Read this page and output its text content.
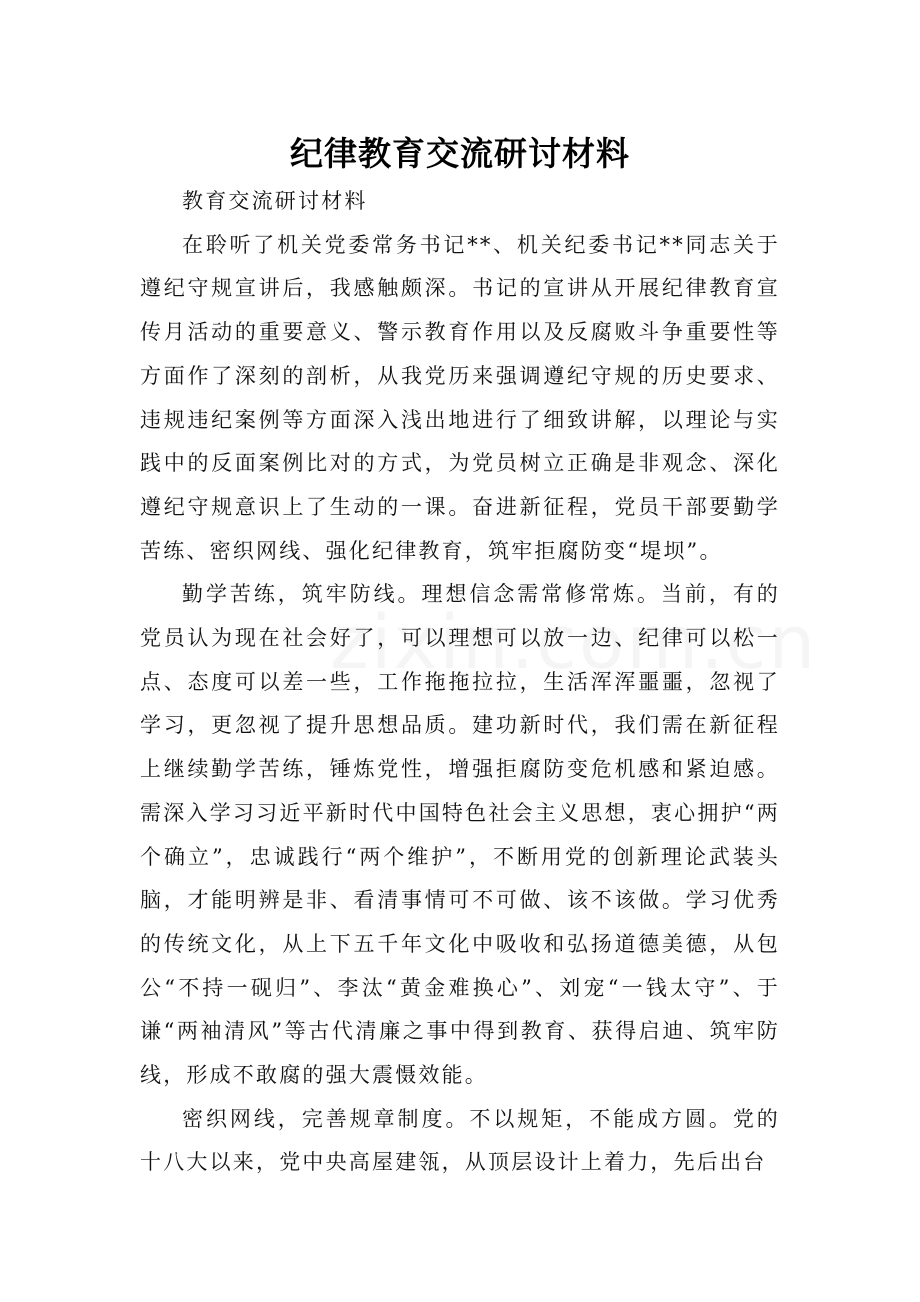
纪律教育交流研讨材料

教育交流研讨材料

在聆听了机关党委常务书记**、机关纪委书记**同志关于遵纪守规宣讲后，我感触颇深。书记的宣讲从开展纪律教育宣传月活动的重要意义、警示教育作用以及反腐败斗争重要性等方面作了深刻的剖析，从我党历来强调遵纪守规的历史要求、违规违纪案例等方面深入浅出地进行了细致讲解，以理论与实践中的反面案例比对的方式，为党员树立正确是非观念、深化遵纪守规意识上了生动的一课。奋进新征程，党员干部要勤学苦练、密织网线、强化纪律教育，筑牢拒腐防变“堤坝”。

勤学苦练，筑牢防线。理想信念需常修常炼。当前，有的党员认为现在社会好了，可以理想可以放一边、纪律可以松一点、态度可以差一些，工作拖拖拉拉，生活浑浑噩噩，忽视了学习，更忽视了提升思想品质。建功新时代，我们需在新征程上继续勤学苦练，锤炼党性，增强拒腐防变危机感和紧迫感。需深入学习习近平新时代中国特色社会主义思想，衷心拥护“两个确立”，忠诚践行“两个维护”，不断用党的创新理论武装头脑，才能明辨是非、看清事情可不可做、该不该做。学习优秀的传统文化，从上下五千年文化中吸收和弘扬道德美德，从包公“不持一砚归”、李汰“黄金难换心”、刘宠“一钱太守”、于谦“两袖清风”等古代清廉之事中得到教育、获得启迪、筑牢防线，形成不敢腐的强大震慑效能。

密织网线，完善规章制度。不以规矩，不能成方圆。党的十八大以来，党中央高屋建瓴，从顶层设计上着力，先后出台
